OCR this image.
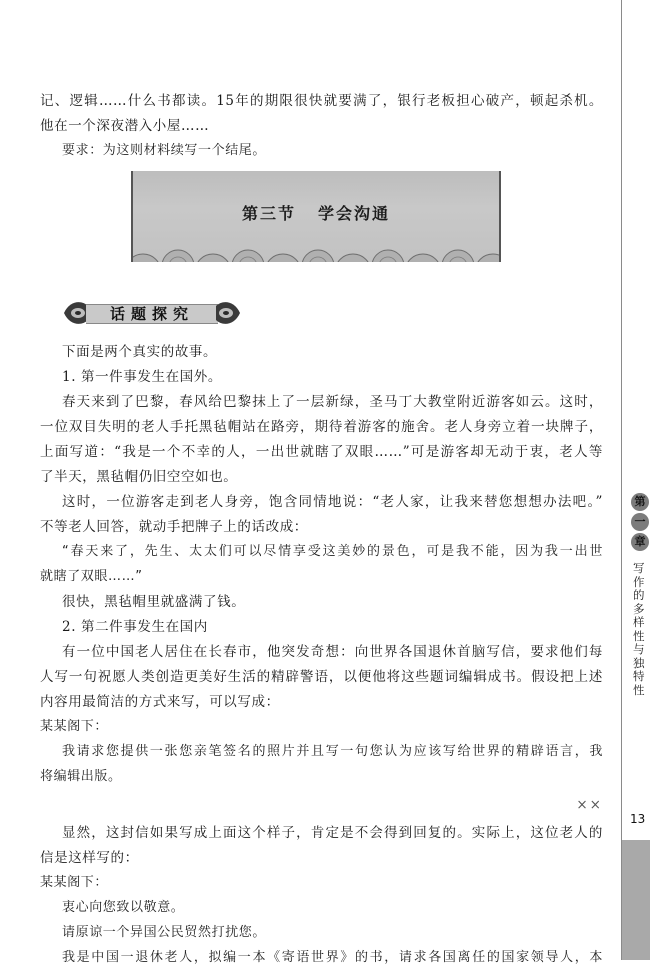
记、逻辑……什么书都读。15年的期限很快就要满了，银行老板担心破产，顿起杀机。
他在一个深夜潜入小屋……
要求：为这则材料续写一个结尾。
第三节 学会沟通
话题探究
下面是两个真实的故事。
1. 第一件事发生在国外。
春天来到了巴黎，春风给巴黎抹上了一层新绿，圣马丁大教堂附近游客如云。这时，
一位双目失明的老人手托黑毡帽站在路旁，期待着游客的施舍。老人身旁立着一块牌子，
上面写道：“我是一个不幸的人，一出世就瞎了双眼……”可是游客却无动于衷，老人等
了半天，黑毡帽仍旧空空如也。
这时，一位游客走到老人身旁，饱含同情地说：“老人家，让我来替您想想办法吧。”
不等老人回答，就动手把牌子上的话改成：
“春天来了，先生、太太们可以尽情享受这美妙的景色，可是我不能，因为我一出世
就瞎了双眼……”
很快，黑毡帽里就盛满了钱。
2. 第二件事发生在国内
有一位中国老人居住在长春市，他突发奇想：向世界各国退休首脑写信，要求他们每
人写一句祝愿人类创造更美好生活的精辟警语，以便他将这些题词编辑成书。假设把上述
内容用最简洁的方式来写，可以写成：
某某阁下：
我请求您提供一张您亲笔签名的照片并且写一句您认为应该写给世界的精辟语言，我
将编辑出版。
××
显然，这封信如果写成上面这个样子，肯定是不会得到回复的。实际上，这位老人的
信是这样写的：
某某阁下：
衷心向您致以敬意。
请原谅一个异国公民贸然打扰您。
我是中国一退休老人，拟编一本《寄语世界》的书，请求各国离任的国家领导人，本
第
一
章
写作的多样性与独特性
13
